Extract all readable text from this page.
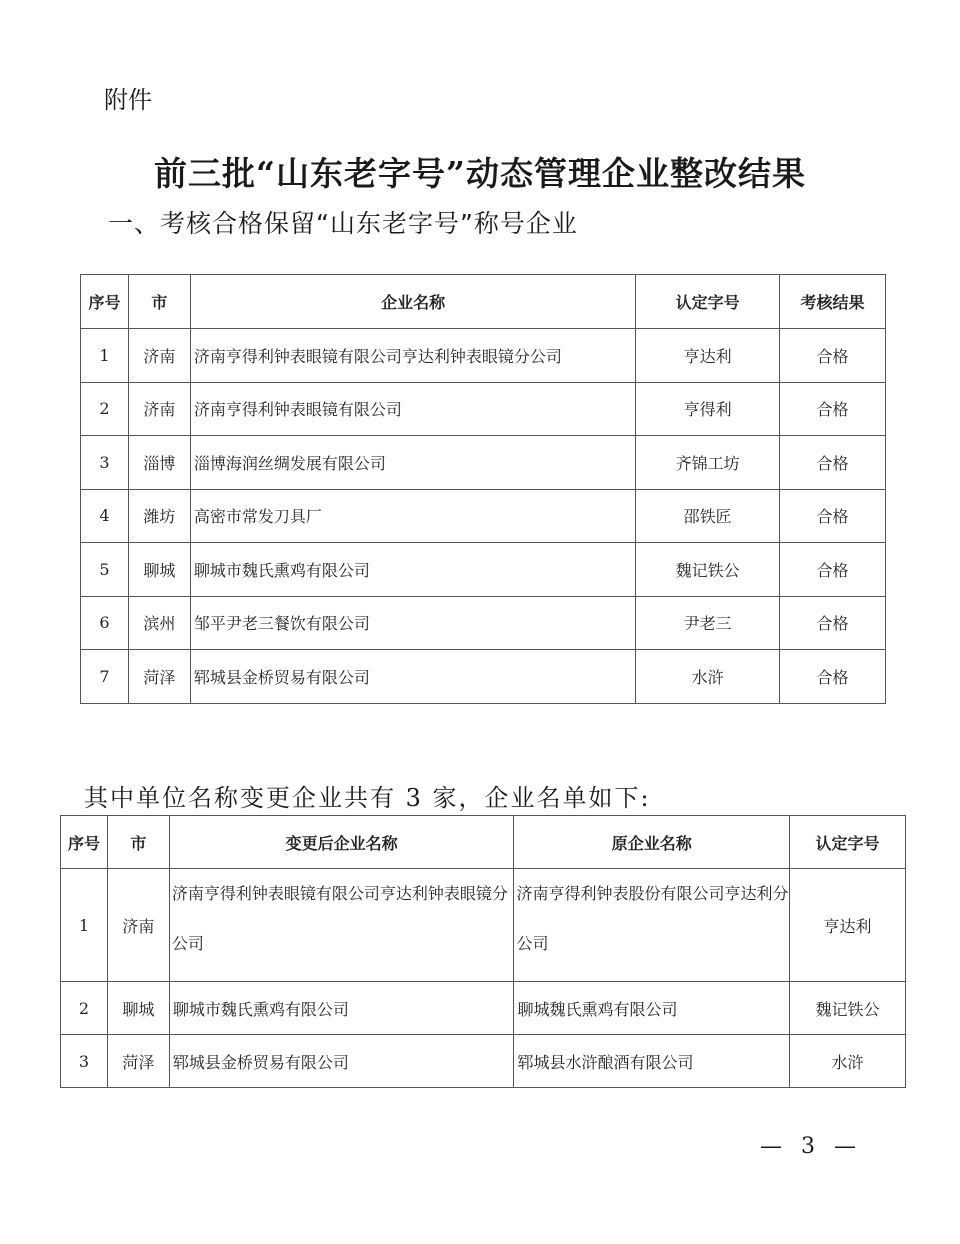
附件
前三批“山东老字号”动态管理企业整改结果
一、考核合格保留“山东老字号”称号企业
序号	市	企业名称	认定字号	考核结果
1	济南	济南亨得利钟表眼镜有限公司亨达利钟表眼镜分公司	亨达利	合格
2	济南	济南亨得利钟表眼镜有限公司	亨得利	合格
3	淄博	淄博海润丝绸发展有限公司	齐锦工坊	合格
4	潍坊	高密市常发刀具厂	邵铁匠	合格
5	聊城	聊城市魏氏熏鸡有限公司	魏记铁公	合格
6	滨州	邹平尹老三餐饮有限公司	尹老三	合格
7	菏泽	郓城县金桥贸易有限公司	水浒	合格
其中单位名称变更企业共有 3 家，企业名单如下:
序号	市	变更后企业名称	原企业名称	认定字号
1	济南	济南亨得利钟表眼镜有限公司亨达利钟表眼镜分公司	济南亨得利钟表股份有限公司亨达利分公司	亨达利
2	聊城	聊城市魏氏熏鸡有限公司	聊城魏氏熏鸡有限公司	魏记铁公
3	菏泽	郓城县金桥贸易有限公司	郓城县水浒酿酒有限公司	水浒
— 3 —
